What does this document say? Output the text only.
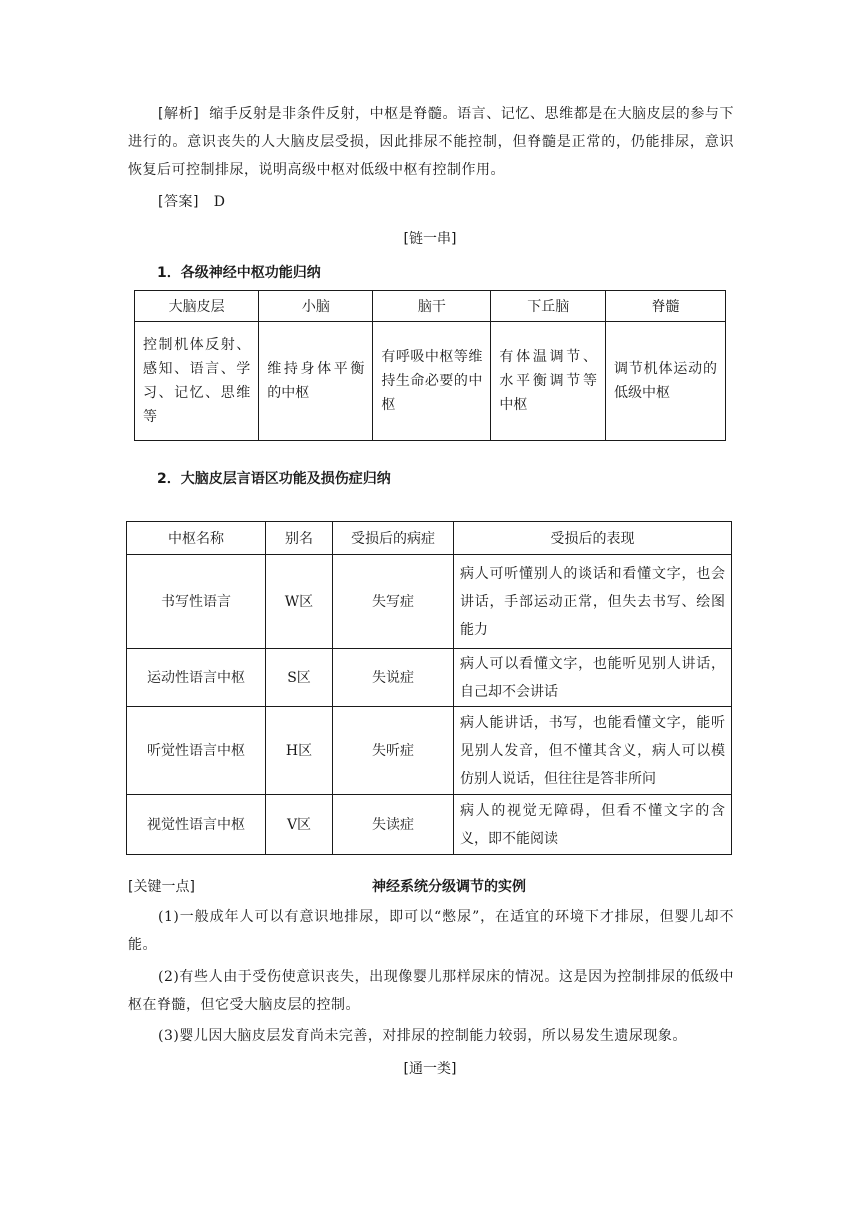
[解析] 缩手反射是非条件反射，中枢是脊髓。语言、记忆、思维都是在大脑皮层的参与下进行的。意识丧失的人大脑皮层受损，因此排尿不能控制，但脊髓是正常的，仍能排尿，意识恢复后可控制排尿，说明高级中枢对低级中枢有控制作用。
[答案] D
[链一串]
1．各级神经中枢功能归纳
大脑皮层	小脑	脑干	下丘脑	脊髓
控制机体反射、感知、语言、学习、记忆、思维等	维持身体平衡的中枢	有呼吸中枢等维持生命必要的中枢	有体温调节、水平衡调节等中枢	调节机体运动的低级中枢
2．大脑皮层言语区功能及损伤症归纳
中枢名称	别名	受损后的病症	受损后的表现
书写性语言	W区	失写症	病人可听懂别人的谈话和看懂文字，也会讲话，手部运动正常，但失去书写、绘图能力
运动性语言中枢	S区	失说症	病人可以看懂文字，也能听见别人讲话，自己却不会讲话
听觉性语言中枢	H区	失听症	病人能讲话，书写，也能看懂文字，能听见别人发音，但不懂其含义，病人可以模仿别人说话，但往往是答非所问
视觉性语言中枢	V区	失读症	病人的视觉无障碍，但看不懂文字的含义，即不能阅读
[关键一点]	神经系统分级调节的实例
(1)一般成年人可以有意识地排尿，即可以“憋尿”，在适宜的环境下才排尿，但婴儿却不能。
(2)有些人由于受伤使意识丧失，出现像婴儿那样尿床的情况。这是因为控制排尿的低级中枢在脊髓，但它受大脑皮层的控制。
(3)婴儿因大脑皮层发育尚未完善，对排尿的控制能力较弱，所以易发生遗尿现象。
[通一类]
